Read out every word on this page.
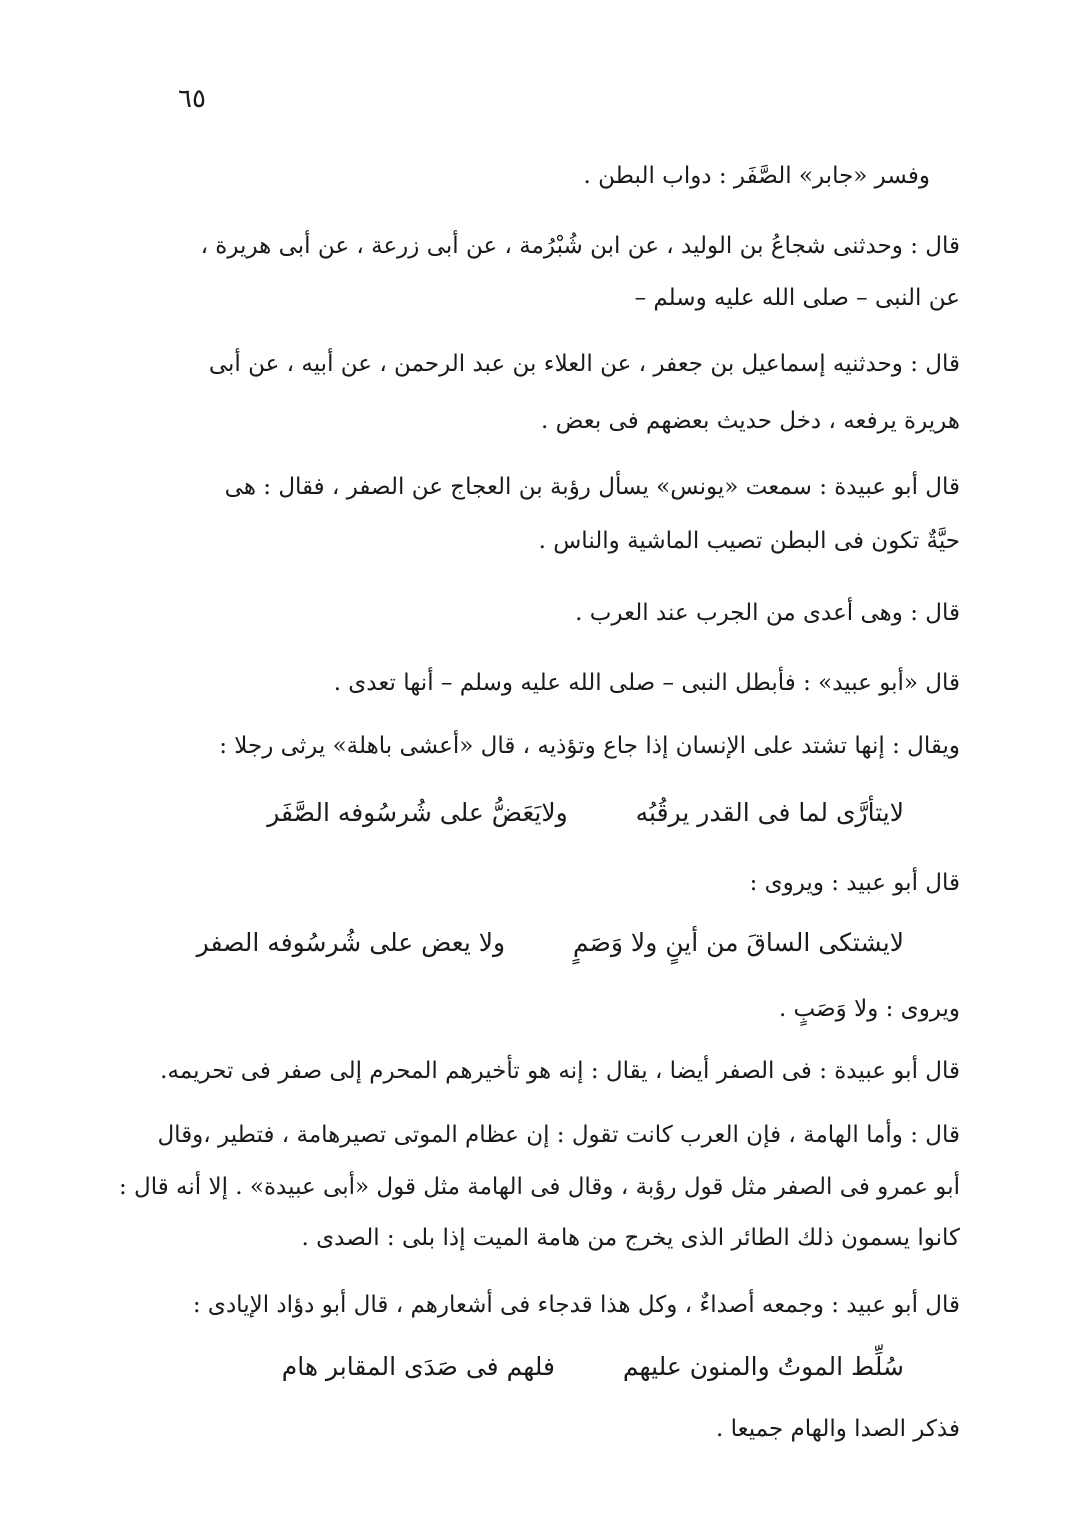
٦٥

وفسر «جابر» الصَّفَر : دواب البطن .

قال : وحدثنى شجاعُ بن الوليد ، عن ابن شُبْرُمة ، عن أبى زرعة ، عن أبى هريرة ،

عن النبى – صلى الله عليه وسلم –

قال : وحدثنيه إسماعيل بن جعفر ، عن العلاء بن عبد الرحمن ، عن أبيه ، عن أبى

هريرة يرفعه ، دخل حديث بعضهم فى بعض .

قال أبو عبيدة : سمعت «يونس» يسأل رؤبة بن العجاج عن الصفر ، فقال : هى

حيَّةٌ تكون فى البطن تصيب الماشية والناس .

قال : وهى أعدى من الجرب عند العرب .

قال «أبو عبيد» : فأبطل النبى – صلى الله عليه وسلم – أنها تعدى .

ويقال : إنها تشتد على الإنسان إذا جاع وتؤذيه ، قال «أعشى باهلة» يرثى رجلا :

لايتأرَّى لما فى القدر يرقُبُه ولايَعَضُّ على شُرسُوفه الصَّفَر

قال أبو عبيد : ويروى :

لايشتكى الساقَ من أينٍ ولا وَصَمٍ ولا يعض على شُرسُوفه الصفر

ويروى : ولا وَصَبٍ .

قال أبو عبيدة : فى الصفر أيضا ، يقال : إنه هو تأخيرهم المحرم إلى صفر فى تحريمه.

قال : وأما الهامة ، فإن العرب كانت تقول : إن عظام الموتى تصيرهامة ، فتطير ،وقال

أبو عمرو فى الصفر مثل قول رؤبة ، وقال فى الهامة مثل قول «أبى عبيدة» . إلا أنه قال :

كانوا يسمون ذلك الطائر الذى يخرج من هامة الميت إذا بلى : الصدى .

قال أبو عبيد : وجمعه أصداءٌ ، وكل هذا قدجاء فى أشعارهم ، قال أبو دؤاد الإيادى :

سُلِّط الموتُ والمنون عليهم فلهم فى صَدَى المقابر هام

فذكر الصدا والهام جميعا .
